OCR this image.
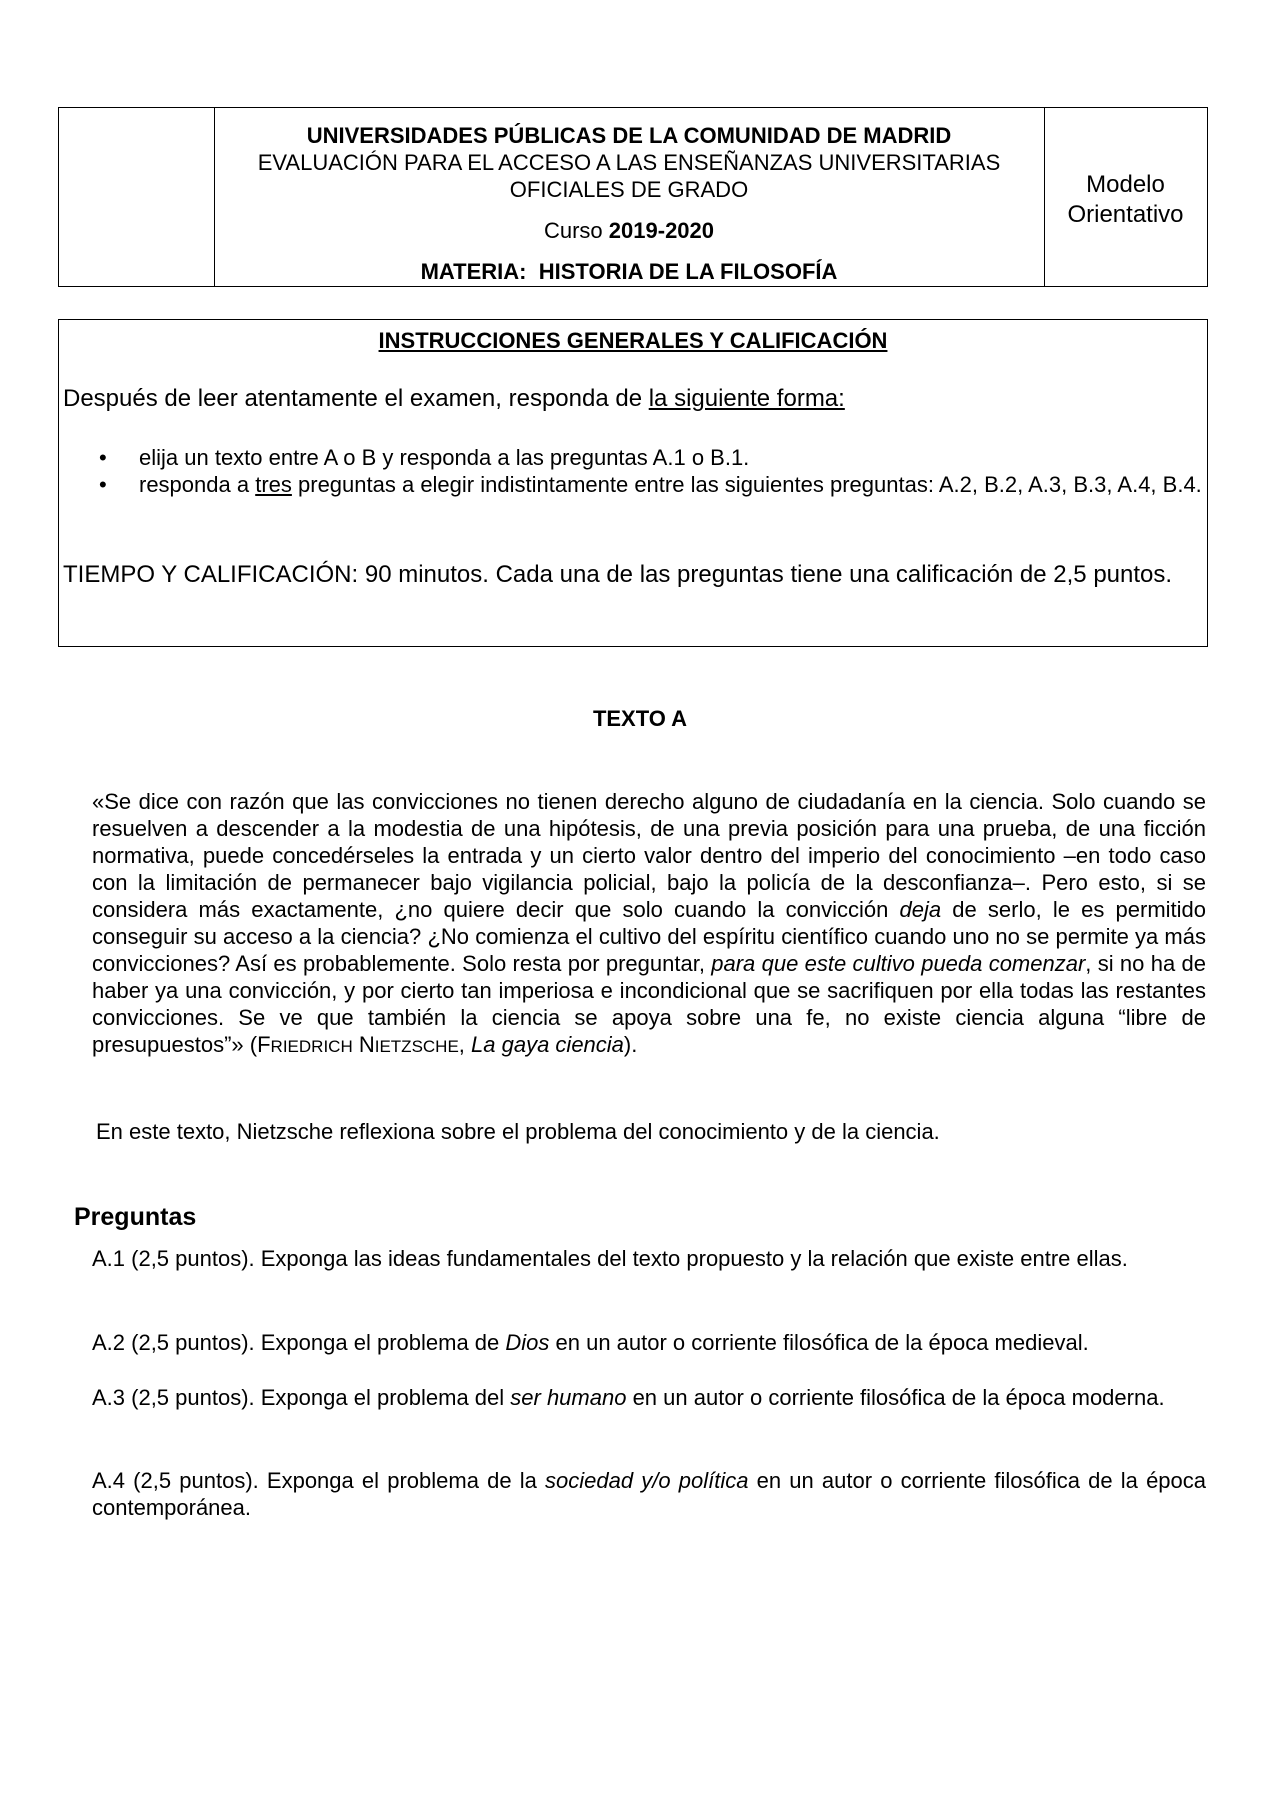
UNIVERSIDADES PÚBLICAS DE LA COMUNIDAD DE MADRID
EVALUACIÓN PARA EL ACCESO A LAS ENSEÑANZAS UNIVERSITARIAS
OFICIALES DE GRADO
Curso 2019-2020
MATERIA: HISTORIA DE LA FILOSOFÍA
Modelo
Orientativo
INSTRUCCIONES GENERALES Y CALIFICACIÓN
Después de leer atentamente el examen, responda de la siguiente forma:
• elija un texto entre A o B y responda a las preguntas A.1 o B.1.
• responda a tres preguntas a elegir indistintamente entre las siguientes preguntas: A.2, B.2, A.3, B.3, A.4, B.4.
TIEMPO Y CALIFICACIÓN: 90 minutos. Cada una de las preguntas tiene una calificación de 2,5 puntos.
TEXTO A
«Se dice con razón que las convicciones no tienen derecho alguno de ciudadanía en la ciencia. Solo cuando se resuelven a descender a la modestia de una hipótesis, de una previa posición para una prueba, de una ficción normativa, puede concedérseles la entrada y un cierto valor dentro del imperio del conocimiento –en todo caso con la limitación de permanecer bajo vigilancia policial, bajo la policía de la desconfianza–. Pero esto, si se considera más exactamente, ¿no quiere decir que solo cuando la convicción deja de serlo, le es permitido conseguir su acceso a la ciencia? ¿No comienza el cultivo del espíritu científico cuando uno no se permite ya más convicciones? Así es probablemente. Solo resta por preguntar, para que este cultivo pueda comenzar, si no ha de haber ya una convicción, y por cierto tan imperiosa e incondicional que se sacrifiquen por ella todas las restantes convicciones. Se ve que también la ciencia se apoya sobre una fe, no existe ciencia alguna “libre de presupuestos”» (FRIEDRICH NIETZSCHE, La gaya ciencia).
En este texto, Nietzsche reflexiona sobre el problema del conocimiento y de la ciencia.
Preguntas
A.1 (2,5 puntos). Exponga las ideas fundamentales del texto propuesto y la relación que existe entre ellas.
A.2 (2,5 puntos). Exponga el problema de Dios en un autor o corriente filosófica de la época medieval.
A.3 (2,5 puntos). Exponga el problema del ser humano en un autor o corriente filosófica de la época moderna.
A.4 (2,5 puntos). Exponga el problema de la sociedad y/o política en un autor o corriente filosófica de la época contemporánea.
